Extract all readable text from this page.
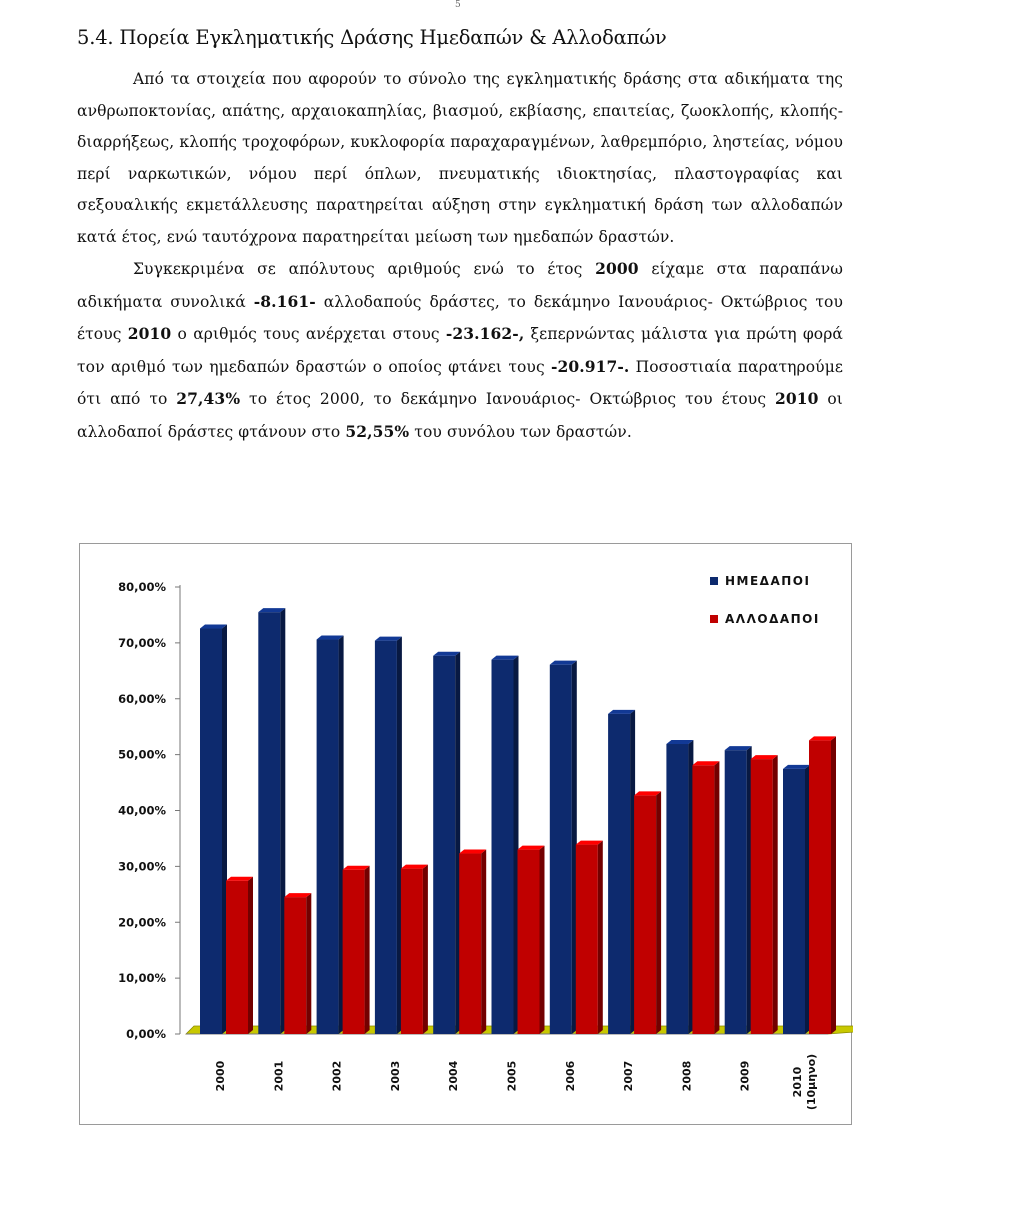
5
5.4. Πορεία Εγκληματικής Δράσης Ημεδαπών & Αλλοδαπών

Από τα στοιχεία που αφορούν το σύνολο της εγκληματικής δράσης στα αδικήματα της ανθρωποκτονίας, απάτης, αρχαιοκαπηλίας, βιασμού, εκβίασης, επαιτείας, ζωοκλοπής, κλοπής-διαρρήξεως, κλοπής τροχοφόρων, κυκλοφορία παραχαραγμένων, λαθρεμπόριο, ληστείας, νόμου περί ναρκωτικών, νόμου περί όπλων, πνευματικής ιδιοκτησίας, πλαστογραφίας και σεξουαλικής εκμετάλλευσης παρατηρείται αύξηση στην εγκληματική δράση των αλλοδαπών κατά έτος, ενώ ταυτόχρονα παρατηρείται μείωση των ημεδαπών δραστών.

Συγκεκριμένα σε απόλυτους αριθμούς ενώ το έτος 2000 είχαμε στα παραπάνω αδικήματα συνολικά -8.161- αλλοδαπούς δράστες, το δεκάμηνο Ιανουάριος- Οκτώβριος του έτους 2010 ο αριθμός τους ανέρχεται στους -23.162-, ξεπερνώντας μάλιστα για πρώτη φορά τον αριθμό των ημεδαπών δραστών ο οποίος φτάνει τους -20.917-. Ποσοστιαία παρατηρούμε ότι από το 27,43% το έτος 2000, το δεκάμηνο Ιανουάριος- Οκτώβριος του έτους 2010 οι αλλοδαποί δράστες φτάνουν στο 52,55% του συνόλου των δραστών.

0,00%
10,00%
20,00%
30,00%
40,00%
50,00%
60,00%
70,00%
80,00%
2000	2001	2002	2003	2004	2005	2006	2007	2008	2009	2010 (10μηνο)
ΗΜΕΔΑΠΟΙ
ΑΛΛΟΔΑΠΟΙ
